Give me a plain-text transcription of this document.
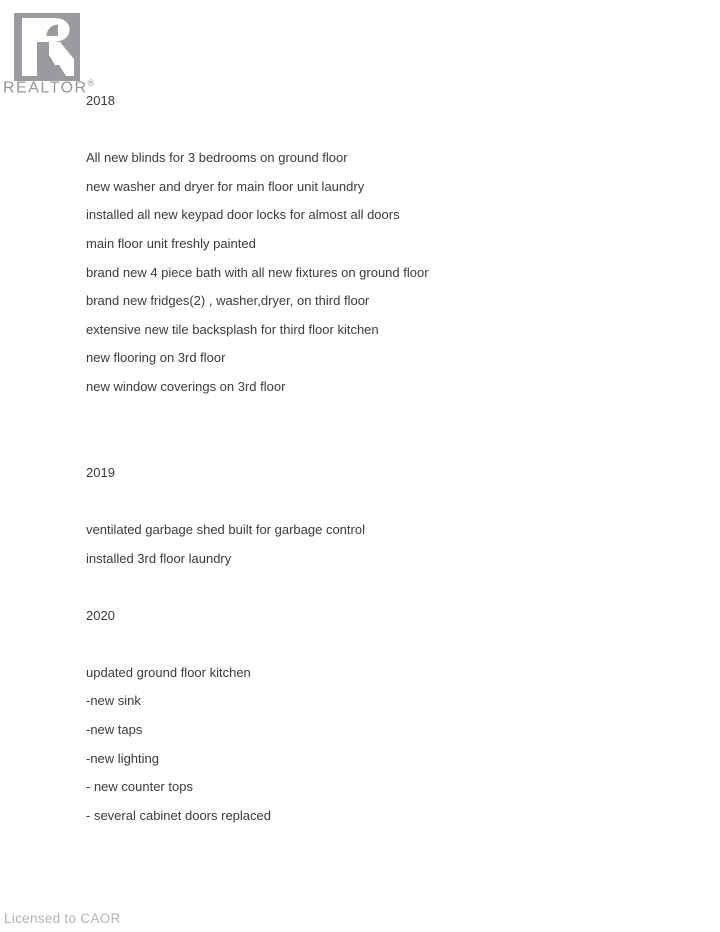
REALTOR®

2018

All new blinds for 3 bedrooms on ground floor

new washer and dryer for main floor unit laundry

installed all new keypad door locks for almost all doors

main floor unit freshly painted

brand new 4 piece bath with all new fixtures on ground floor

brand new fridges(2) , washer,dryer, on third floor

extensive new tile backsplash for third floor kitchen

new flooring on 3rd floor

new window coverings on 3rd floor

2019

ventilated garbage shed built for garbage control

installed 3rd floor laundry

2020

updated ground floor kitchen

-new sink

-new taps

-new lighting

- new counter tops

- several cabinet doors replaced

Licensed to CAOR
